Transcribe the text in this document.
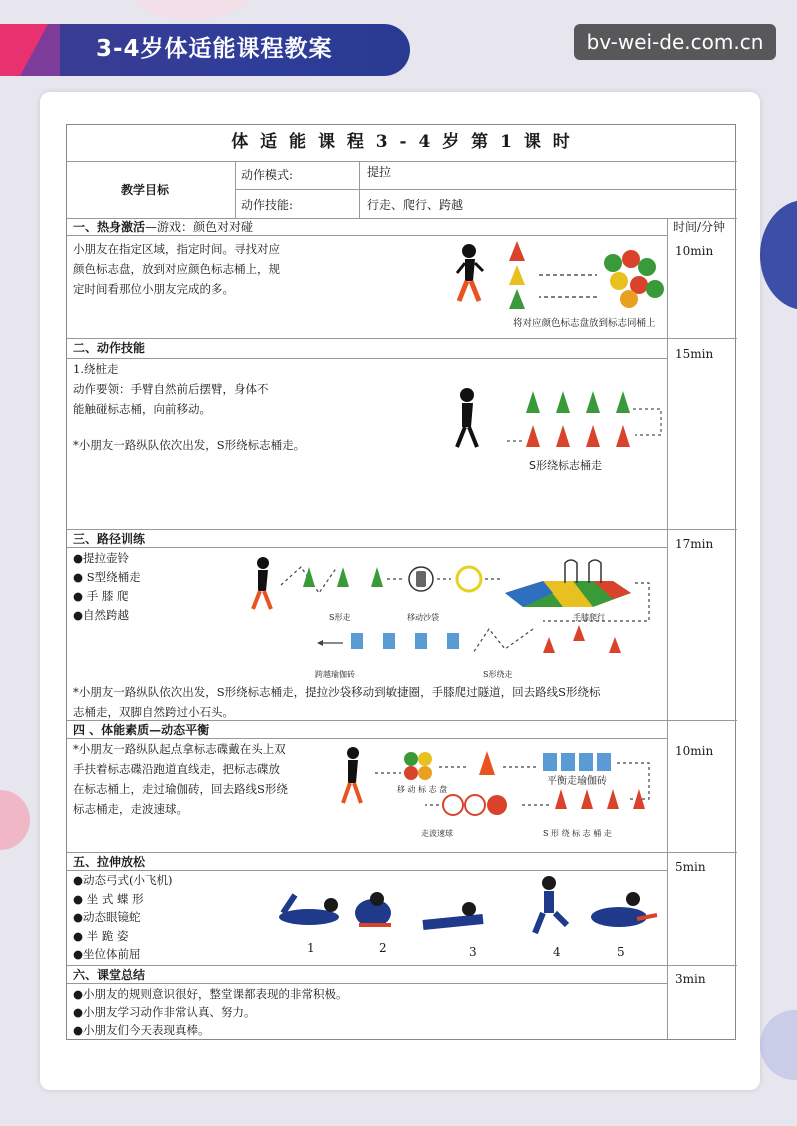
3-4岁体适能课程教案	bv-wei-de.com.cn
体 适 能 课 程 3 - 4 岁 第 1 课 时
教学目标
动作模式:	提拉
动作技能:	行走、爬行、跨越
时间/分钟
一、热身激活—游戏：颜色对对碰
10min
小朋友在指定区域，指定时间。寻找对应
颜色标志盘，放到对应颜色标志桶上，规
定时间看那位小朋友完成的多。
将对应颜色标志盘放到标志同桶上
二、动作技能	15min
1.绕桩走
动作要领：手臂自然前后摆臂，身体不
能触碰标志桶，向前移动。
*小朋友一路纵队依次出发，S形绕标志桶走。
S形绕标志桶走
三、路径训练	17min
●提拉壶铃
● S型绕桶走
● 手 膝 爬
●自然跨越	S形走	移动沙袋	手膝爬行
跨越瑜伽砖	S形绕走
*小朋友一路纵队依次出发，S形绕标志桶走，提拉沙袋移动到敏捷圈，手膝爬过隧道，回去路线S形绕标
志桶走，双脚自然跨过小石头。
四 、体能素质—动态平衡
10min
*小朋友一路纵队起点拿标志碟戴在头上双
手扶着标志碟沿跑道直线走，把标志碟放
在标志桶上，走过瑜伽砖，回去路线S形绕
标志桶走，走波速球。
移 动 标 志 盘
平衡走瑜伽砖
走波速球	S 形 绕 标 志 桶 走
五、拉伸放松	5min
●动态弓式(小飞机)
● 坐 式 蝶 形
●动态眼镜蛇
● 半 跪 姿
●坐位体前屈	1	2	3	4	5
六、课堂总结	3min
●小朋友的规则意识很好，整堂课都表现的非常积极。
●小朋友学习动作非常认真、努力。
●小朋友们今天表现真棒。
